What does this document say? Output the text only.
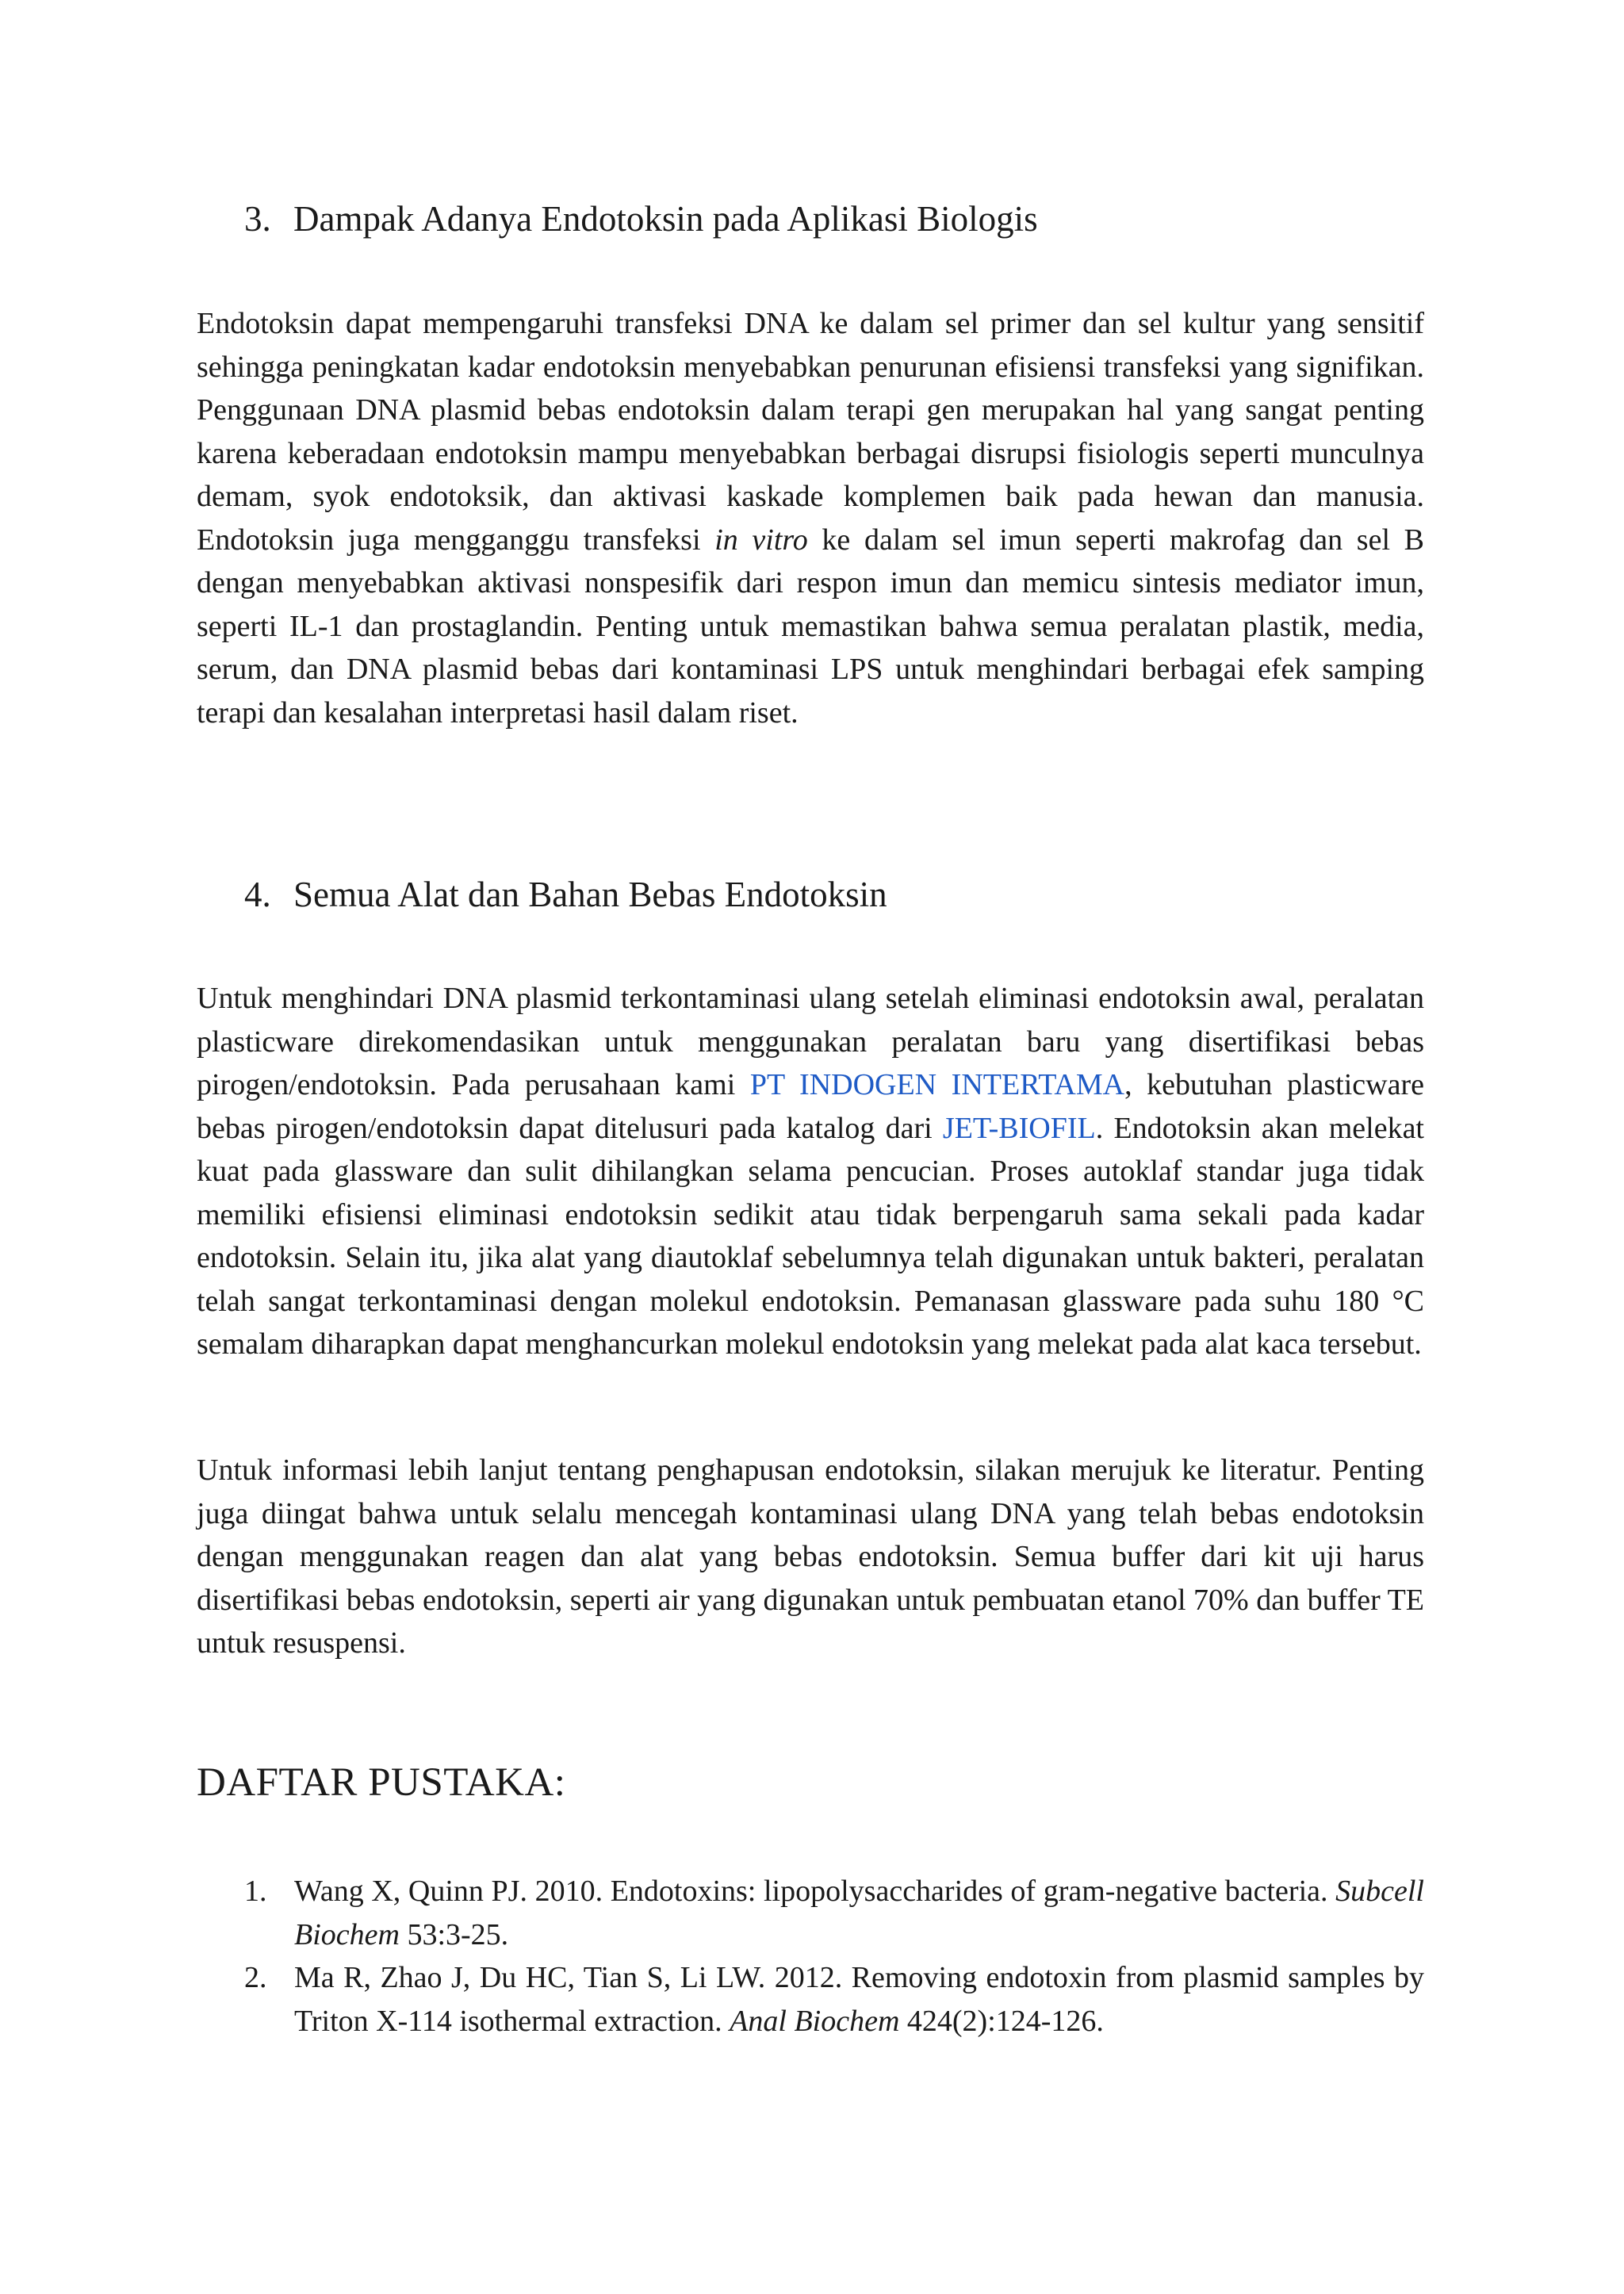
3. Dampak Adanya Endotoksin pada Aplikasi Biologis

Endotoksin dapat mempengaruhi transfeksi DNA ke dalam sel primer dan sel kultur yang sensitif sehingga peningkatan kadar endotoksin menyebabkan penurunan efisiensi transfeksi yang signifikan. Penggunaan DNA plasmid bebas endotoksin dalam terapi gen merupakan hal yang sangat penting karena keberadaan endotoksin mampu menyebabkan berbagai disrupsi fisiologis seperti munculnya demam, syok endotoksik, dan aktivasi kaskade komplemen baik pada hewan dan manusia. Endotoksin juga mengganggu transfeksi in vitro ke dalam sel imun seperti makrofag dan sel B dengan menyebabkan aktivasi nonspesifik dari respon imun dan memicu sintesis mediator imun, seperti IL-1 dan prostaglandin. Penting untuk memastikan bahwa semua peralatan plastik, media, serum, dan DNA plasmid bebas dari kontaminasi LPS untuk menghindari berbagai efek samping terapi dan kesalahan interpretasi hasil dalam riset.

4. Semua Alat dan Bahan Bebas Endotoksin

Untuk menghindari DNA plasmid terkontaminasi ulang setelah eliminasi endotoksin awal, peralatan plasticware direkomendasikan untuk menggunakan peralatan baru yang disertifikasi bebas pirogen/endotoksin. Pada perusahaan kami PT INDOGEN INTERTAMA, kebutuhan plasticware bebas pirogen/endotoksin dapat ditelusuri pada katalog dari JET-BIOFIL. Endotoksin akan melekat kuat pada glassware dan sulit dihilangkan selama pencucian. Proses autoklaf standar juga tidak memiliki efisiensi eliminasi endotoksin sedikit atau tidak berpengaruh sama sekali pada kadar endotoksin. Selain itu, jika alat yang diautoklaf sebelumnya telah digunakan untuk bakteri, peralatan telah sangat terkontaminasi dengan molekul endotoksin. Pemanasan glassware pada suhu 180 °C semalam diharapkan dapat menghancurkan molekul endotoksin yang melekat pada alat kaca tersebut.

Untuk informasi lebih lanjut tentang penghapusan endotoksin, silakan merujuk ke literatur. Penting juga diingat bahwa untuk selalu mencegah kontaminasi ulang DNA yang telah bebas endotoksin dengan menggunakan reagen dan alat yang bebas endotoksin. Semua buffer dari kit uji harus disertifikasi bebas endotoksin, seperti air yang digunakan untuk pembuatan etanol 70% dan buffer TE untuk resuspensi.

DAFTAR PUSTAKA:
1. Wang X, Quinn PJ. 2010. Endotoxins: lipopolysaccharides of gram-negative bacteria. Subcell Biochem 53:3-25.
2. Ma R, Zhao J, Du HC, Tian S, Li LW. 2012. Removing endotoxin from plasmid samples by Triton X-114 isothermal extraction. Anal Biochem 424(2):124-126.
